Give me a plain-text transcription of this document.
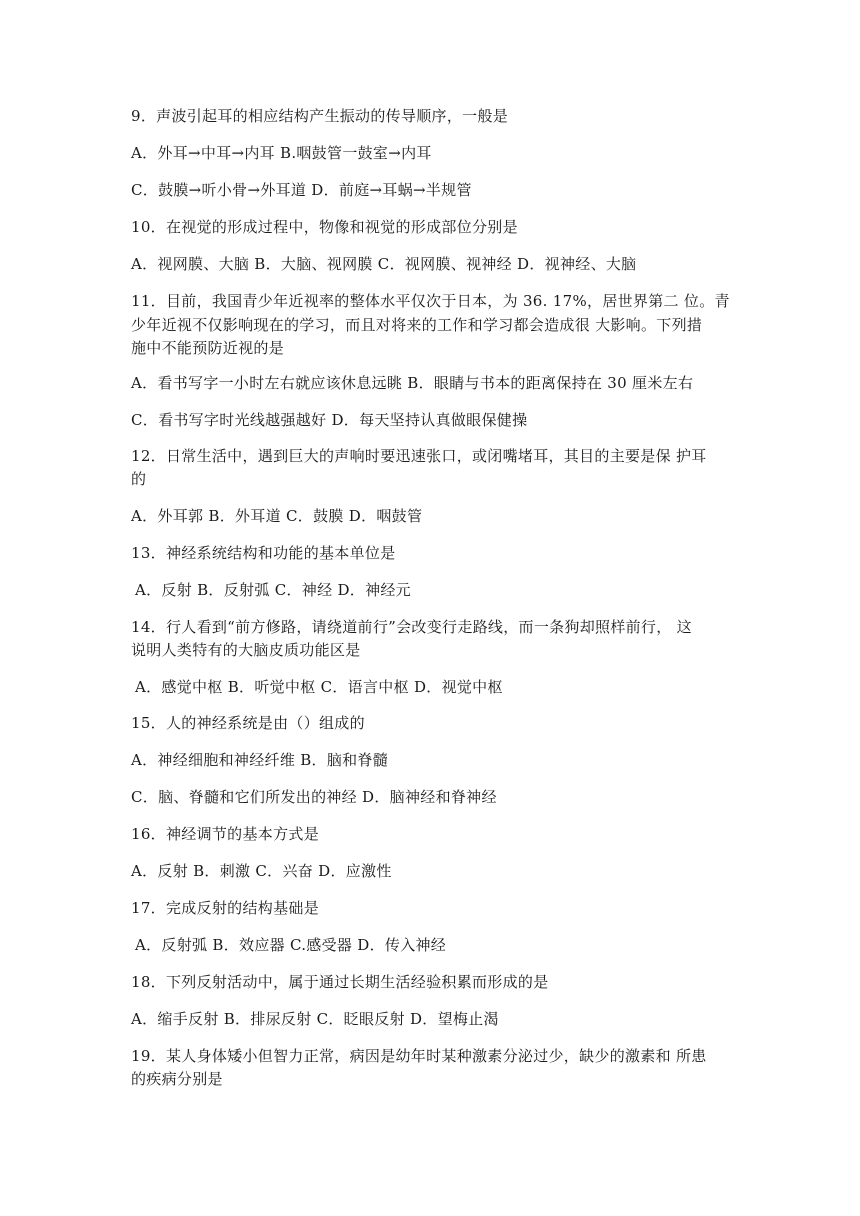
9．声波引起耳的相应结构产生振动的传导顺序，一般是
A．外耳→中耳→内耳 B.咽鼓管一鼓室→内耳
C．鼓膜→听小骨→外耳道 D．前庭→耳蜗→半规管
10．在视觉的形成过程中，物像和视觉的形成部位分别是
A．视网膜、大脑 B．大脑、视网膜 C．视网膜、视神经 D．视神经、大脑
11．目前，我国青少年近视率的整体水平仅次于日本，为 36. 17%，居世界第二 位。青
少年近视不仅影响现在的学习，而且对将来的工作和学习都会造成很 大影响。下列措
施中不能预防近视的是
A．看书写字一小时左右就应该休息远眺 B．眼睛与书本的距离保持在 30 厘米左右
C．看书写字时光线越强越好 D．每天坚持认真做眼保健操
12．日常生活中，遇到巨大的声响时要迅速张口，或闭嘴堵耳，其目的主要是保 护耳
的
A．外耳郭 B．外耳道 C．鼓膜 D．咽鼓管
13．神经系统结构和功能的基本单位是
A．反射 B．反射弧 C．神经 D．神经元
14．行人看到“前方修路，请绕道前行”会改变行走路线，而一条狗却照样前行， 这
说明人类特有的大脑皮质功能区是
A．感觉中枢 B．听觉中枢 C．语言中枢 D．视觉中枢
15．人的神经系统是由（）组成的
A．神经细胞和神经纤维 B．脑和脊髓
C．脑、脊髓和它们所发出的神经 D．脑神经和脊神经
16．神经调节的基本方式是
A．反射 B．刺激 C．兴奋 D．应激性
17．完成反射的结构基础是
A．反射弧 B．效应器 C.感受器 D．传入神经
18．下列反射活动中，属于通过长期生活经验积累而形成的是
A．缩手反射 B．排尿反射 C．眨眼反射 D．望梅止渴
19．某人身体矮小但智力正常，病因是幼年时某种激素分泌过少，缺少的激素和 所患
的疾病分别是
